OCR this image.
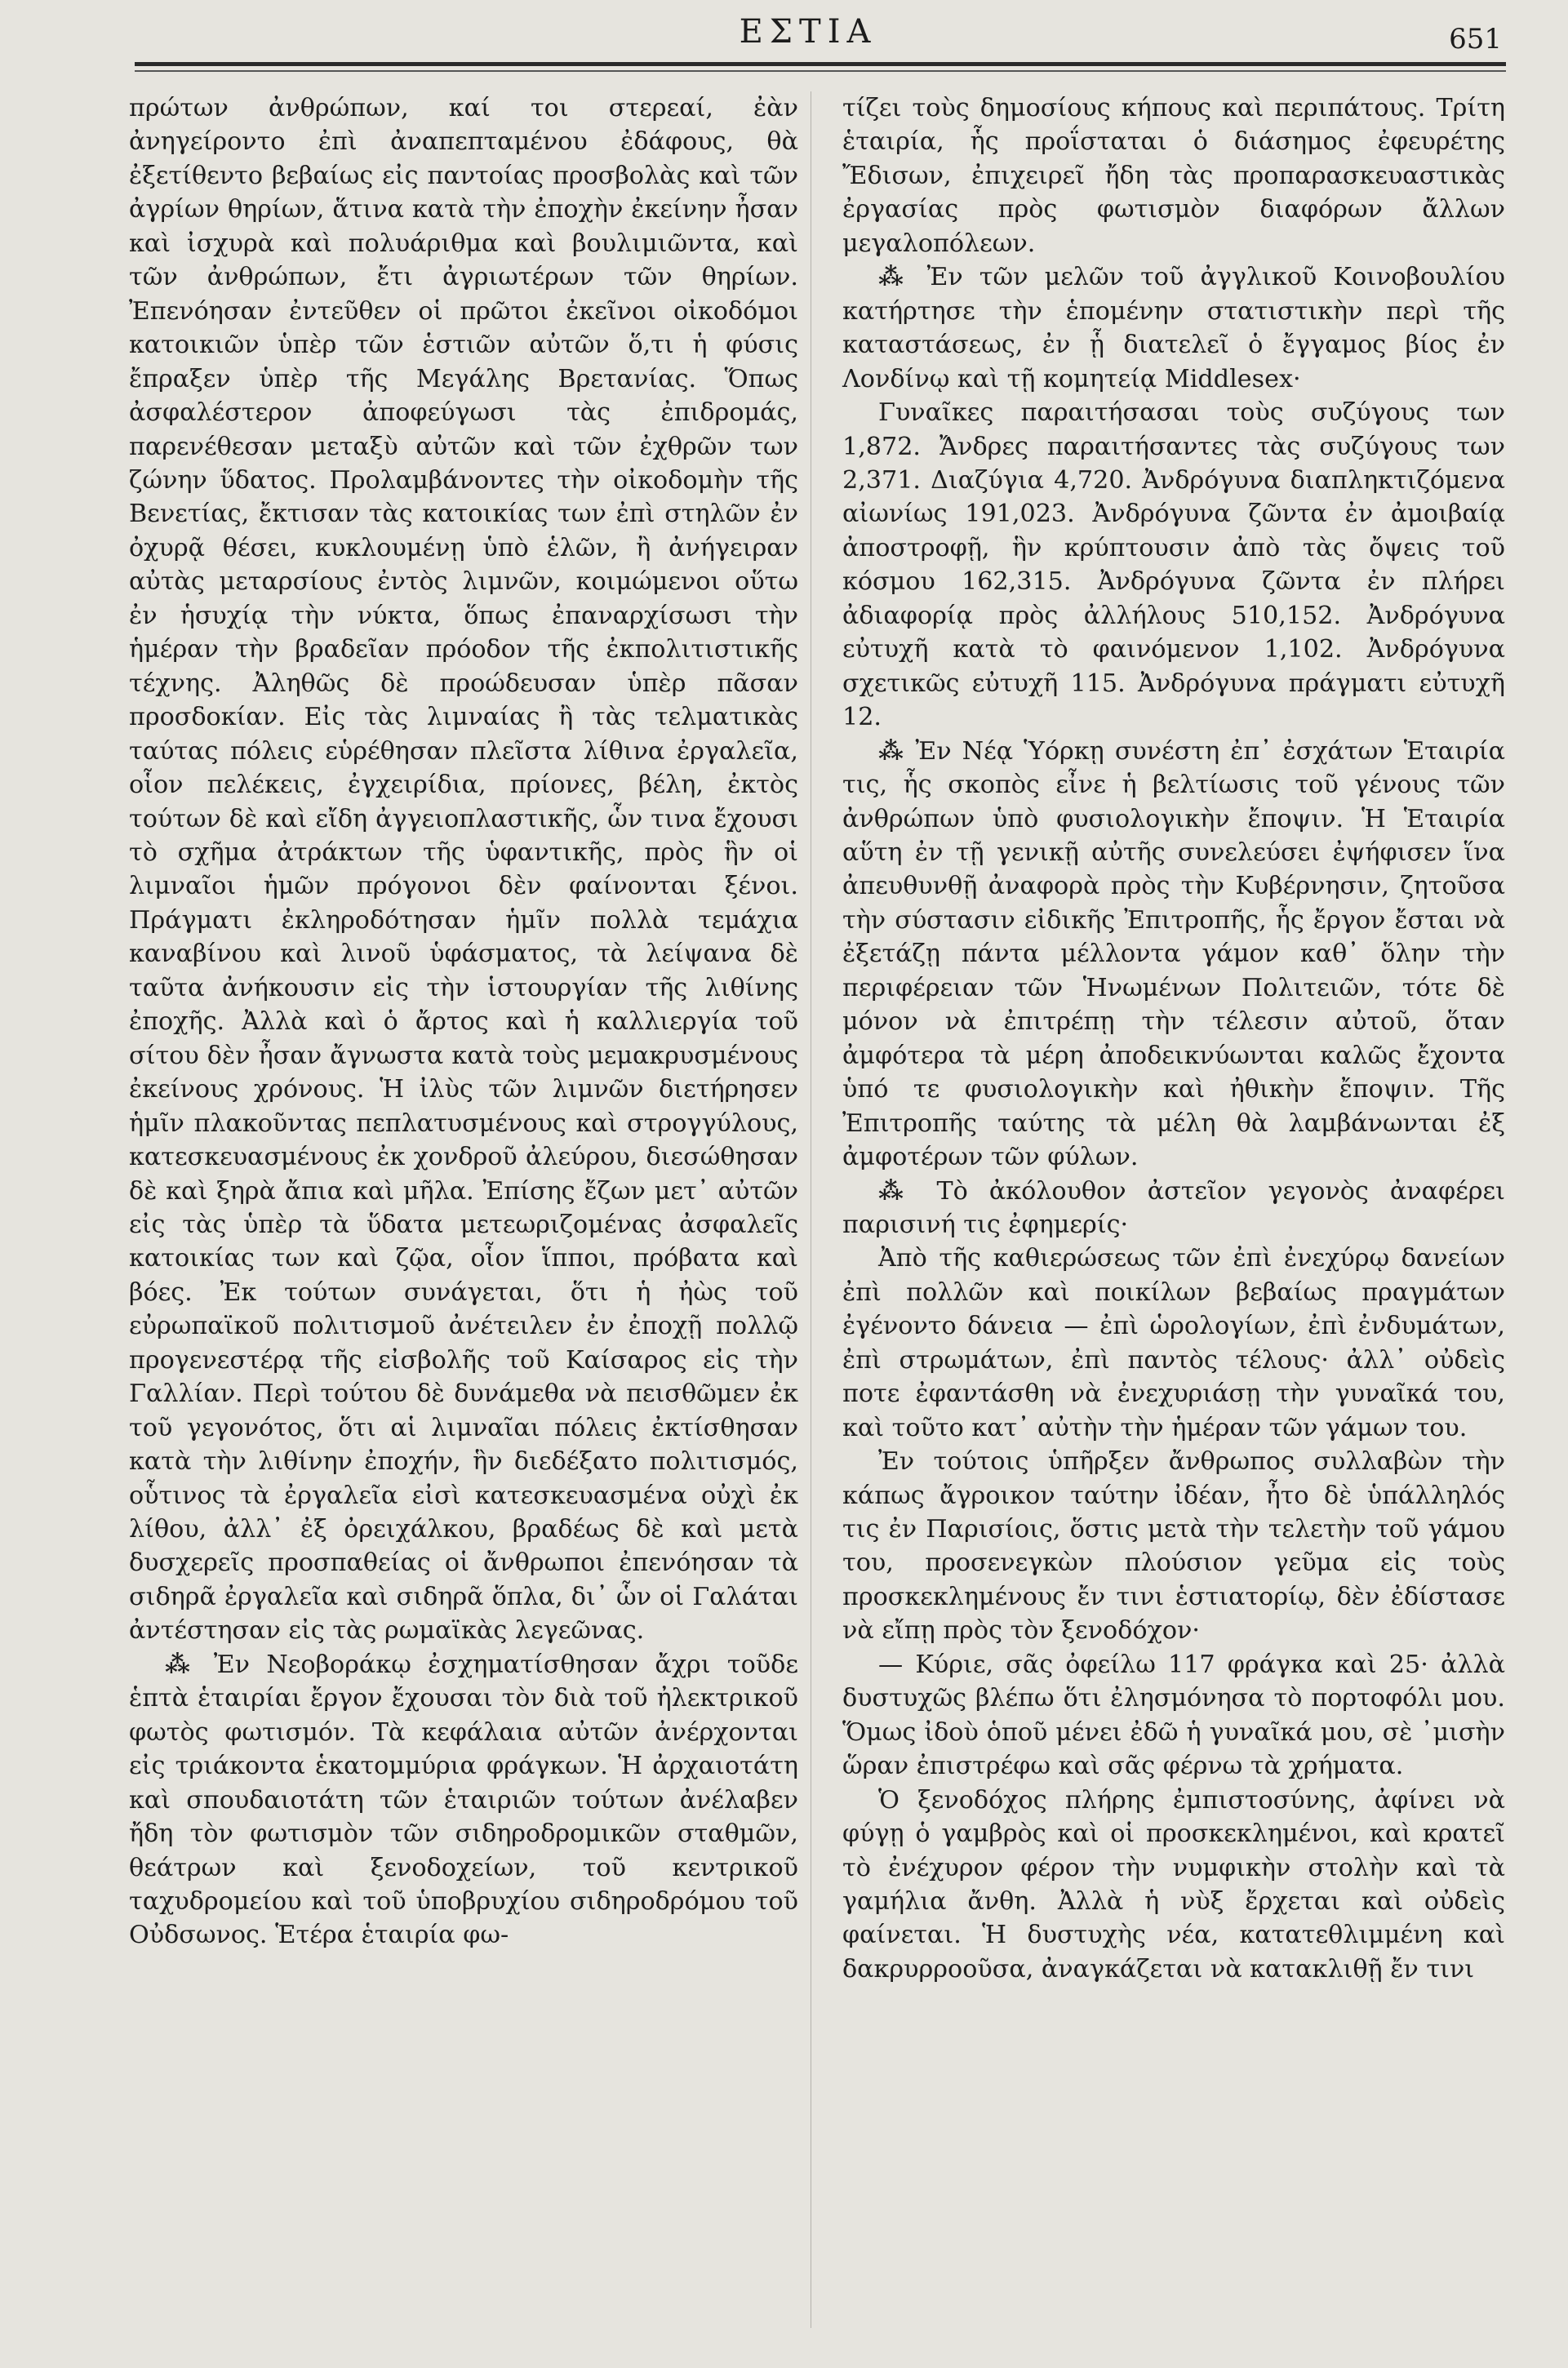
ΕΣΤΙΑ	651

πρώτων ἀνθρώπων, καί τοι στερεαί, ἐὰν ἀνηγείροντο ἐπὶ ἀναπεπταμένου ἐδάφους, θὰ ἐξετίθεντο βεβαίως εἰς παντοίας προσβολὰς καὶ τῶν ἀγρίων θηρίων, ἅτινα κατὰ τὴν ἐποχὴν ἐκείνην ἦσαν καὶ ἰσχυρὰ καὶ πολυάριθμα καὶ βουλιμιῶντα, καὶ τῶν ἀνθρώπων, ἔτι ἀγριωτέρων τῶν θηρίων. Ἐπενόησαν ἐντεῦθεν οἱ πρῶτοι ἐκεῖνοι οἰκοδόμοι κατοικιῶν ὑπὲρ τῶν ἑστιῶν αὐτῶν ὅ,τι ἡ φύσις ἔπραξεν ὑπὲρ τῆς Μεγάλης Βρετανίας. Ὅπως ἀσφαλέστερον ἀποφεύγωσι τὰς ἐπιδρομάς, παρενέθεσαν μεταξὺ αὐτῶν καὶ τῶν ἐχθρῶν των ζώνην ὕδατος. Προλαμβάνοντες τὴν οἰκοδομὴν τῆς Βενετίας, ἔκτισαν τὰς κατοικίας των ἐπὶ στηλῶν ἐν ὀχυρᾷ θέσει, κυκλουμένῃ ὑπὸ ἑλῶν, ἢ ἀνήγειραν αὐτὰς μεταρσίους ἐντὸς λιμνῶν, κοιμώμενοι οὕτω ἐν ἡσυχίᾳ τὴν νύκτα, ὅπως ἐπαναρχίσωσι τὴν ἡμέραν τὴν βραδεῖαν πρόοδον τῆς ἐκπολιτιστικῆς τέχνης. Ἀληθῶς δὲ προώδευσαν ὑπὲρ πᾶσαν προσδοκίαν. Εἰς τὰς λιμναίας ἢ τὰς τελματικὰς ταύτας πόλεις εὑρέθησαν πλεῖστα λίθινα ἐργαλεῖα, οἷον πελέκεις, ἐγχειρίδια, πρίονες, βέλη, ἐκτὸς τούτων δὲ καὶ εἴδη ἀγγειοπλαστικῆς, ὧν τινα ἔχουσι τὸ σχῆμα ἀτράκτων τῆς ὑφαντικῆς, πρὸς ἣν οἱ λιμναῖοι ἡμῶν πρόγονοι δὲν φαίνονται ξένοι. Πράγματι ἐκληροδότησαν ἡμῖν πολλὰ τεμάχια καναβίνου καὶ λινοῦ ὑφάσματος, τὰ λείψανα δὲ ταῦτα ἀνήκουσιν εἰς τὴν ἱστουργίαν τῆς λιθίνης ἐποχῆς. Ἀλλὰ καὶ ὁ ἄρτος καὶ ἡ καλλιεργία τοῦ σίτου δὲν ἦσαν ἄγνωστα κατὰ τοὺς μεμακρυσμένους ἐκείνους χρόνους. Ἡ ἰλὺς τῶν λιμνῶν διετήρησεν ἡμῖν πλακοῦντας πεπλατυσμένους καὶ στρογγύλους, κατεσκευασμένους ἐκ χονδροῦ ἀλεύρου, διεσώθησαν δὲ καὶ ξηρὰ ἄπια καὶ μῆλα. Ἐπίσης ἔζων μετ᾽ αὐτῶν εἰς τὰς ὑπὲρ τὰ ὕδατα μετεωριζομένας ἀσφαλεῖς κατοικίας των καὶ ζῷα, οἷον ἵπποι, πρόβατα καὶ βόες. Ἐκ τούτων συνάγεται, ὅτι ἡ ἠὼς τοῦ εὐρωπαϊκοῦ πολιτισμοῦ ἀνέτειλεν ἐν ἐποχῇ πολλῷ προγενεστέρᾳ τῆς εἰσβολῆς τοῦ Καίσαρος εἰς τὴν Γαλλίαν. Περὶ τούτου δὲ δυνάμεθα νὰ πεισθῶμεν ἐκ τοῦ γεγονότος, ὅτι αἱ λιμναῖαι πόλεις ἐκτίσθησαν κατὰ τὴν λιθίνην ἐποχήν, ἣν διεδέξατο πολιτισμός, οὗτινος τὰ ἐργαλεῖα εἰσὶ κατεσκευασμένα οὐχὶ ἐκ λίθου, ἀλλ᾽ ἐξ ὀρειχάλκου, βραδέως δὲ καὶ μετὰ δυσχερεῖς προσπαθείας οἱ ἄνθρωποι ἐπενόησαν τὰ σιδηρᾶ ἐργαλεῖα καὶ σιδηρᾶ ὅπλα, δι᾽ ὧν οἱ Γαλάται ἀντέστησαν εἰς τὰς ρωμαϊκὰς λεγεῶνας.

⁂ Ἐν Νεοβοράκῳ ἐσχηματίσθησαν ἄχρι τοῦδε ἑπτὰ ἑταιρίαι ἔργον ἔχουσαι τὸν διὰ τοῦ ἠλεκτρικοῦ φωτὸς φωτισμόν. Τὰ κεφάλαια αὐτῶν ἀνέρχονται εἰς τριάκοντα ἑκατομμύρια φράγκων. Ἡ ἀρχαιοτάτη καὶ σπουδαιοτάτη τῶν ἑταιριῶν τούτων ἀνέλαβεν ἤδη τὸν φωτισμὸν τῶν σιδηροδρομικῶν σταθμῶν, θεάτρων καὶ ξενοδοχείων, τοῦ κεντρικοῦ ταχυδρομείου καὶ τοῦ ὑποβρυχίου σιδηροδρόμου τοῦ Οὐδσωνος. Ἑτέρα ἑταιρία φω-

τίζει τοὺς δημοσίους κήπους καὶ περιπάτους. Τρίτη ἑταιρία, ἧς προΐσταται ὁ διάσημος ἐφευρέτης Ἔδισων, ἐπιχειρεῖ ἤδη τὰς προπαρασκευαστικὰς ἐργασίας πρὸς φωτισμὸν διαφόρων ἄλλων μεγαλοπόλεων.

⁂ Ἐν τῶν μελῶν τοῦ ἀγγλικοῦ Κοινοβουλίου κατήρτησε τὴν ἑπομένην στατιστικὴν περὶ τῆς καταστάσεως, ἐν ᾗ διατελεῖ ὁ ἔγγαμος βίος ἐν Λονδίνῳ καὶ τῇ κομητείᾳ Middlesex·

Γυναῖκες παραιτήσασαι τοὺς συζύγους των 1,872. Ἄνδρες παραιτήσαντες τὰς συζύγους των 2,371. Διαζύγια 4,720. Ἀνδρόγυνα διαπληκτιζόμενα αἰωνίως 191,023. Ἀνδρόγυνα ζῶντα ἐν ἀμοιβαίᾳ ἀποστροφῇ, ἣν κρύπτουσιν ἀπὸ τὰς ὄψεις τοῦ κόσμου 162,315. Ἀνδρόγυνα ζῶντα ἐν πλήρει ἀδιαφορίᾳ πρὸς ἀλλήλους 510,152. Ἀνδρόγυνα εὐτυχῆ κατὰ τὸ φαινόμενον 1,102. Ἀνδρόγυνα σχετικῶς εὐτυχῆ 115. Ἀνδρόγυνα πράγματι εὐτυχῆ 12.

⁂ Ἐν Νέᾳ Ὑόρκῃ συνέστη ἐπ᾽ ἐσχάτων Ἑταιρία τις, ἧς σκοπὸς εἶνε ἡ βελτίωσις τοῦ γένους τῶν ἀνθρώπων ὑπὸ φυσιολογικὴν ἔποψιν. Ἡ Ἑταιρία αὕτη ἐν τῇ γενικῇ αὐτῆς συνελεύσει ἐψήφισεν ἵνα ἀπευθυνθῇ ἀναφορὰ πρὸς τὴν Κυβέρνησιν, ζητοῦσα τὴν σύστασιν εἰδικῆς Ἐπιτροπῆς, ἧς ἔργον ἔσται νὰ ἐξετάζῃ πάντα μέλλοντα γάμον καθ᾽ ὅλην τὴν περιφέρειαν τῶν Ἡνωμένων Πολιτειῶν, τότε δὲ μόνον νὰ ἐπιτρέπῃ τὴν τέλεσιν αὐτοῦ, ὅταν ἀμφότερα τὰ μέρη ἀποδεικνύωνται καλῶς ἔχοντα ὑπό τε φυσιολογικὴν καὶ ἠθικὴν ἔποψιν. Τῆς Ἐπιτροπῆς ταύτης τὰ μέλη θὰ λαμβάνωνται ἐξ ἀμφοτέρων τῶν φύλων.

⁂ Τὸ ἀκόλουθον ἀστεῖον γεγονὸς ἀναφέρει παρισινή τις ἐφημερίς·

Ἀπὸ τῆς καθιερώσεως τῶν ἐπὶ ἐνεχύρῳ δανείων ἐπὶ πολλῶν καὶ ποικίλων βεβαίως πραγμάτων ἐγένοντο δάνεια — ἐπὶ ὡρολογίων, ἐπὶ ἐνδυμάτων, ἐπὶ στρωμάτων, ἐπὶ παντὸς τέλους· ἀλλ᾽ οὐδεὶς ποτε ἐφαντάσθη νὰ ἐνεχυριάσῃ τὴν γυναῖκά του, καὶ τοῦτο κατ᾽ αὐτὴν τὴν ἡμέραν τῶν γάμων του.

Ἐν τούτοις ὑπῆρξεν ἄνθρωπος συλλαβὼν τὴν κάπως ἄγροικον ταύτην ἰδέαν, ἦτο δὲ ὑπάλληλός τις ἐν Παρισίοις, ὅστις μετὰ τὴν τελετὴν τοῦ γάμου του, προσενεγκὼν πλούσιον γεῦμα εἰς τοὺς προσκεκλημένους ἔν τινι ἑστιατορίῳ, δὲν ἐδίστασε νὰ εἴπῃ πρὸς τὸν ξενοδόχον·

— Κύριε, σᾶς ὀφείλω 117 φράγκα καὶ 25· ἀλλὰ δυστυχῶς βλέπω ὅτι ἐλησμόνησα τὸ πορτοφόλι μου. Ὅμως ἰδοὺ ὁποῦ μένει ἐδῶ ἡ γυναῖκά μου, σὲ ᾽μισὴν ὥραν ἐπιστρέφω καὶ σᾶς φέρνω τὰ χρήματα.

Ὁ ξενοδόχος πλήρης ἐμπιστοσύνης, ἀφίνει νὰ φύγῃ ὁ γαμβρὸς καὶ οἱ προσκεκλημένοι, καὶ κρατεῖ τὸ ἐνέχυρον φέρον τὴν νυμφικὴν στολὴν καὶ τὰ γαμήλια ἄνθη. Ἀλλὰ ἡ νὺξ ἔρχεται καὶ οὐδεὶς φαίνεται. Ἡ δυστυχὴς νέα, κατατεθλιμμένη καὶ δακρυρροοῦσα, ἀναγκάζεται νὰ κατακλιθῇ ἔν τινι
